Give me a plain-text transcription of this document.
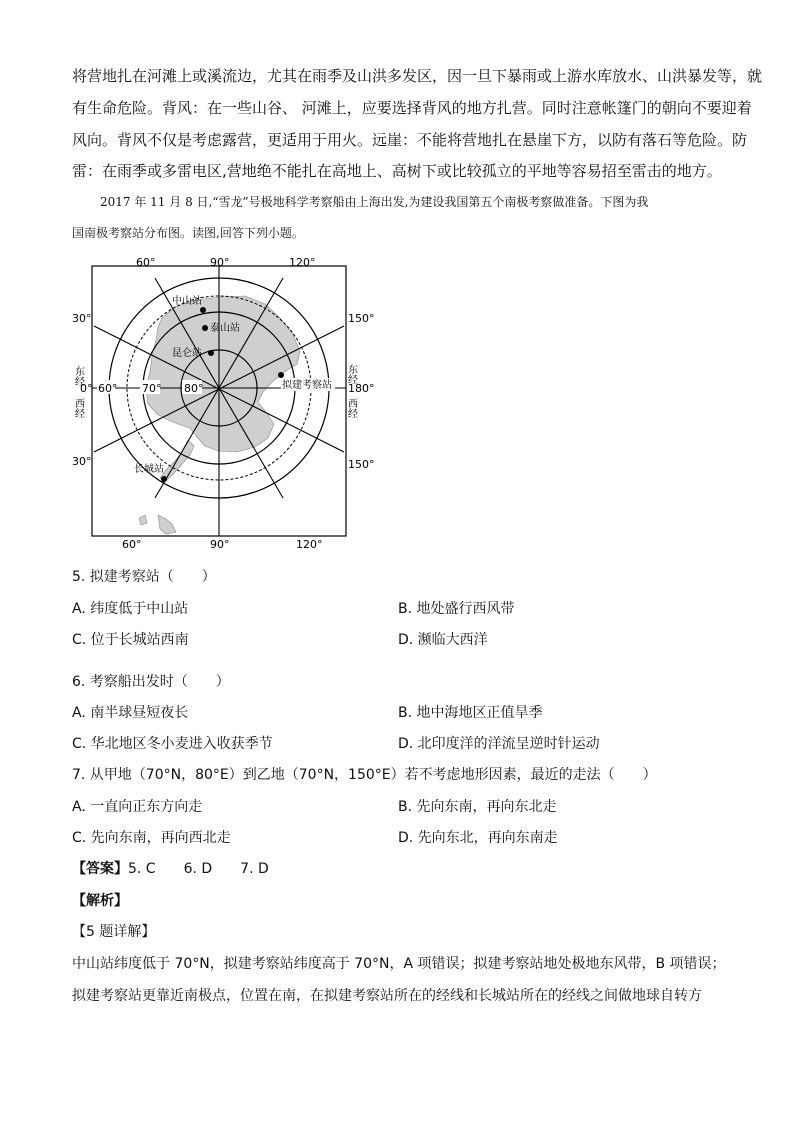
将营地扎在河滩上或溪流边，尤其在雨季及山洪多发区，因一旦下暴雨或上游水库放水、山洪暴发等，就
有生命危险。背风：在一些山谷、 河滩上，应要选择背风的地方扎营。同时注意帐篷门的朝向不要迎着
风向。背风不仅是考虑露营，更适用于用火。远崖：不能将营地扎在悬崖下方，以防有落石等危险。防
雷：在雨季或多雷电区,营地绝不能扎在高地上、高树下或比较孤立的平地等容易招至雷击的地方。
2017 年 11 月 8 日,“雪龙”号极地科学考察船由上海出发,为建设我国第五个南极考察做准备。下图为我
国南极考察站分布图。读图,回答下列小题。
中山站
泰山站
昆仑站
拟建考察站
长城站
60°	90°	120°
60°	90°	120°
30°
30°
150°
150°
0°	180°
60° 70° 80°
东经
西经
东经
西经
5. 拟建考察站（　　）
A. 纬度低于中山站	B. 地处盛行西风带
C. 位于长城站西南	D. 濒临大西洋
6. 考察船出发时（　　）
A. 南半球昼短夜长	B. 地中海地区正值旱季
C. 华北地区冬小麦进入收获季节	D. 北印度洋的洋流呈逆时针运动
7. 从甲地（70°N，80°E）到乙地（70°N，150°E）若不考虑地形因素，最近的走法（　　）
A. 一直向正东方向走	B. 先向东南，再向东北走
C. 先向东南，再向西北走	D. 先向东北，再向东南走
【答案】5. C　　6. D　　7. D
【解析】
【5 题详解】
中山站纬度低于 70°N，拟建考察站纬度高于 70°N，A 项错误；拟建考察站地处极地东风带，B 项错误；
拟建考察站更靠近南极点，位置在南，在拟建考察站所在的经线和长城站所在的经线之间做地球自转方
